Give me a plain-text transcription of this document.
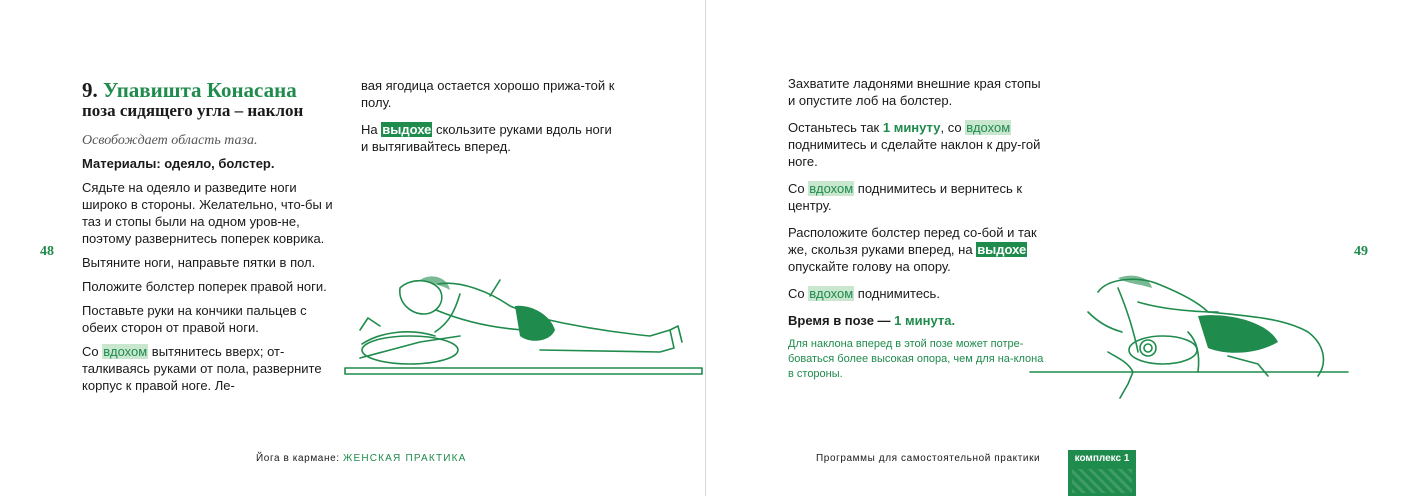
48
9. Упавишта Конасана
поза сидящего угла – наклон
Освобождает область таза.

Материалы: одеяло, болстер.

Сядьте на одеяло и разведите ноги широко в стороны. Желательно, что-бы и таз и стопы были на одном уров-не, поэтому развернитесь поперек коврика.

Вытяните ноги, направьте пятки в пол.

Положите болстер поперек правой ноги.

Поставьте руки на кончики пальцев с обеих сторон от правой ноги.

Со вдохом вытянитесь вверх; от-талкиваясь руками от пола, разверните корпус к правой ноге. Ле-

вая ягодица остается хорошо прижа-той к полу.

На выдохе скользите руками вдоль ноги и вытягивайтесь вперед.

Йога в кармане: ЖЕНСКАЯ ПРАКТИКА
49

Захватите ладонями внешние края стопы и опустите лоб на болстер.

Останьтесь так 1 минуту, со вдохом поднимитесь и сделайте наклон к дру-гой ноге.

Со вдохом поднимитесь и вернитесь к центру.

Расположите болстер перед со-бой и так же, скользя руками вперед, на выдохе опускайте голову на опору.

Со вдохом поднимитесь.

Время в позе — 1 минута.

Для наклона вперед в этой позе может потре-боваться более высокая опора, чем для на-клона в стороны.
Программы для самостоятельной практики	комплекс 1
